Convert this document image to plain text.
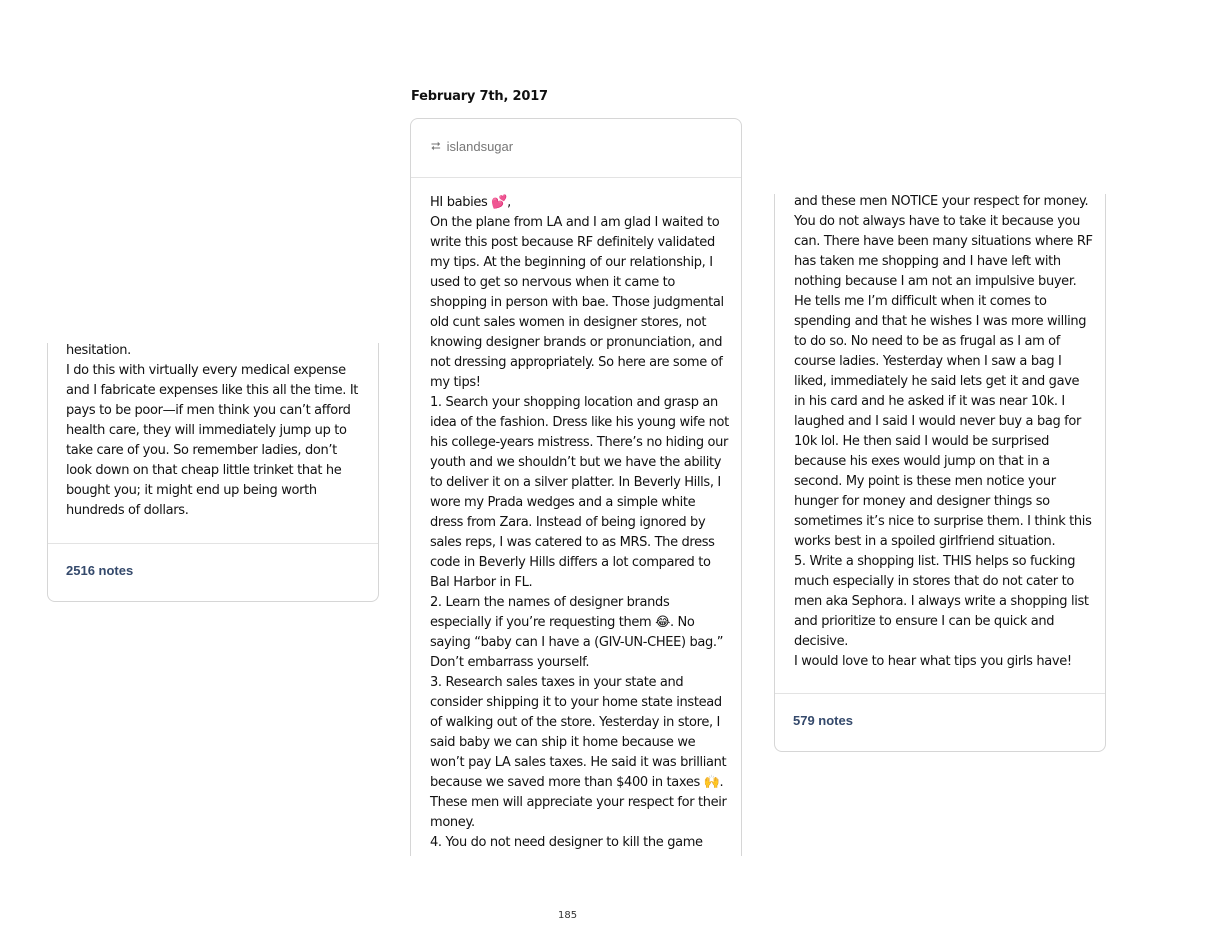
February 7th, 2017

hesitation.

I do this with virtually every medical expense and I fabricate expenses like this all the time. It pays to be poor—if men think you can’t afford health care, they will immediately jump up to take care of you. So remember ladies, don’t look down on that cheap little trinket that he bought you; it might end up being worth hundreds of dollars.

2516 notes
⮂ islandsugar

HI babies 💕,

On the plane from LA and I am glad I waited to write this post because RF definitely validated my tips. At the beginning of our relationship, I used to get so nervous when it came to shopping in person with bae. Those judgmental old cunt sales women in designer stores, not knowing designer brands or pronunciation, and not dressing appropriately. So here are some of my tips!

1. Search your shopping location and grasp an idea of the fashion. Dress like his young wife not his college-years mistress. There’s no hiding our youth and we shouldn’t but we have the ability to deliver it on a silver platter. In Beverly Hills, I wore my Prada wedges and a simple white dress from Zara. Instead of being ignored by sales reps, I was catered to as MRS. The dress code in Beverly Hills differs a lot compared to Bal Harbor in FL.

2. Learn the names of designer brands especially if you’re requesting them 😂. No saying “baby can I have a (GIV-UN-CHEE) bag.” Don’t embarrass yourself.

3. Research sales taxes in your state and consider shipping it to your home state instead of walking out of the store. Yesterday in store, I said baby we can ship it home because we won’t pay LA sales taxes. He said it was brilliant because we saved more than $400 in taxes 🙌. These men will appreciate your respect for their money.

4. You do not need designer to kill the game

and these men NOTICE your respect for money. You do not always have to take it because you can. There have been many situations where RF has taken me shopping and I have left with nothing because I am not an impulsive buyer. He tells me I’m difficult when it comes to spending and that he wishes I was more willing to do so. No need to be as frugal as I am of course ladies. Yesterday when I saw a bag I liked, immediately he said lets get it and gave in his card and he asked if it was near 10k. I laughed and I said I would never buy a bag for 10k lol. He then said I would be surprised because his exes would jump on that in a second. My point is these men notice your hunger for money and designer things so sometimes it’s nice to surprise them. I think this works best in a spoiled girlfriend situation.

5. Write a shopping list. THIS helps so fucking much especially in stores that do not cater to men aka Sephora. I always write a shopping list and prioritize to ensure I can be quick and decisive.

I would love to hear what tips you girls have!

579 notes
185
